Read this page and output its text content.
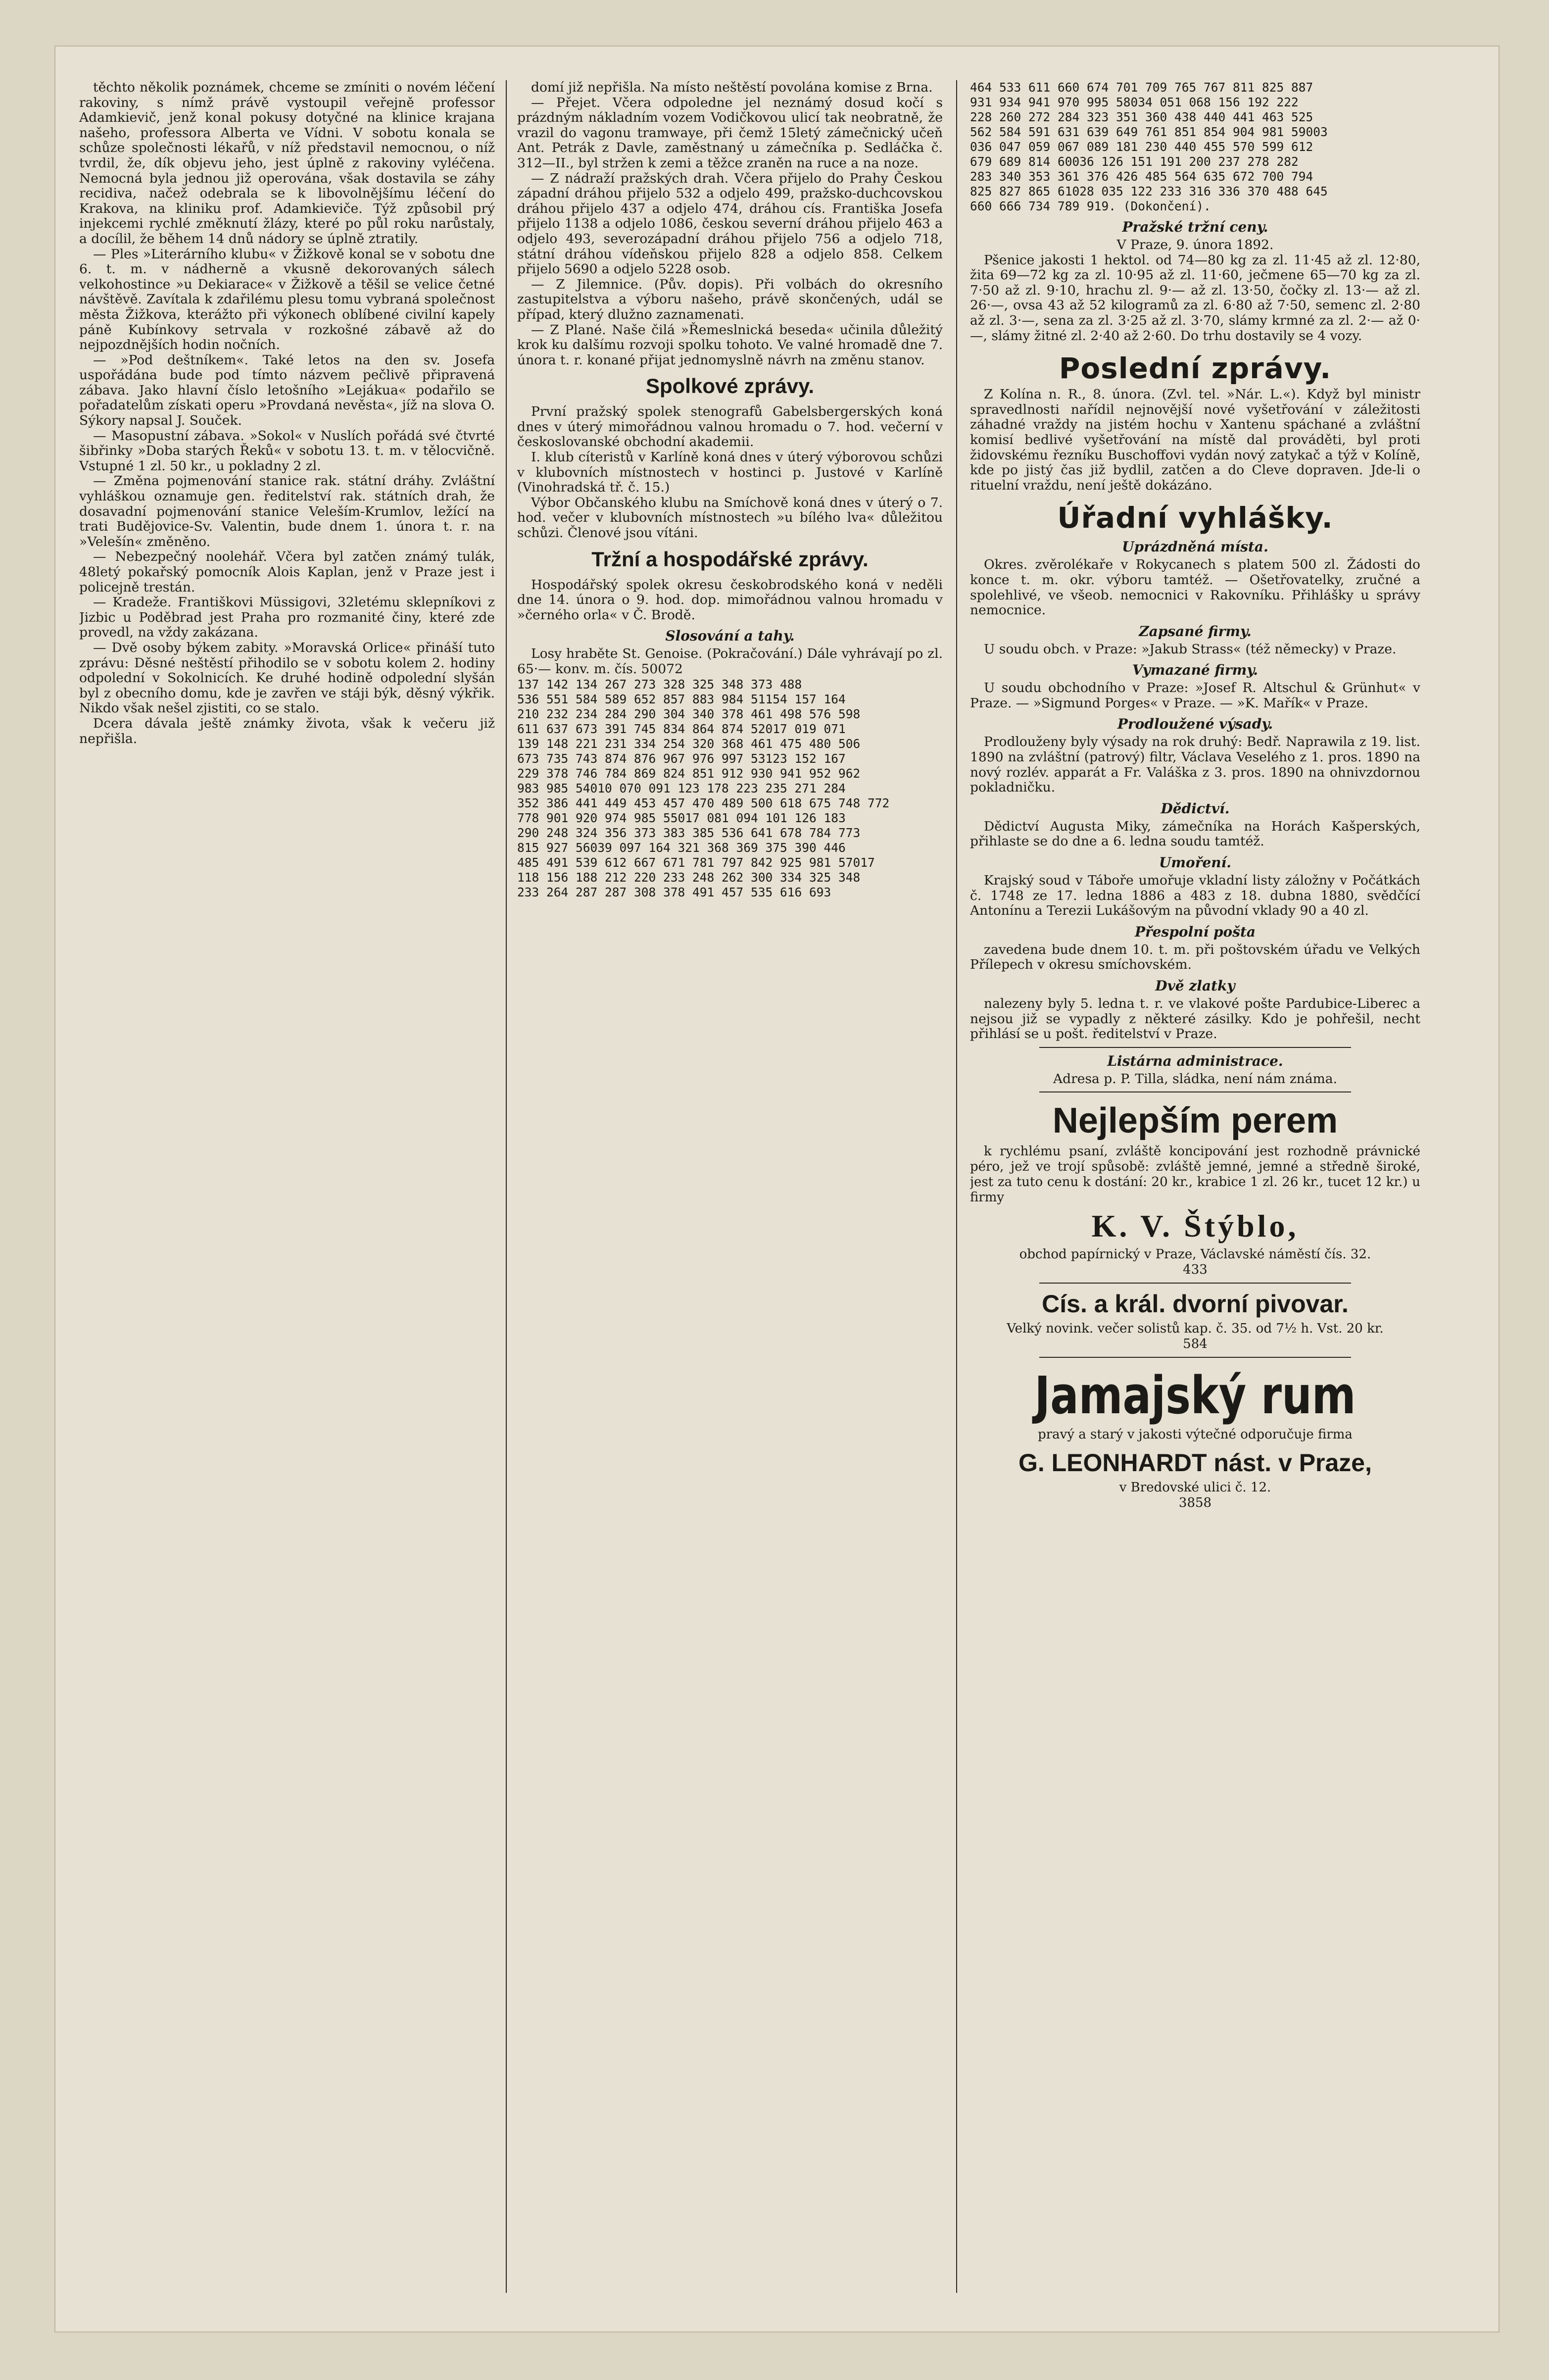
těchto několik poznámek, chceme se zmíniti o novém léčení rakoviny, s nímž právě vystoupil veřejně professor Adamkievič, jenž konal pokusy dotyčné na klinice krajana našeho, professora Alberta ve Vídni. V sobotu konala se schůze společnosti lékařů, v níž představil nemocnou, o níž tvrdil, že, dík objevu jeho, jest úplně z rakoviny vyléčena. Nemocná byla jednou již operována, však dostavila se záhy recidiva, načež odebrala se k libovolnějšímu léčení do Krakova, na kliniku prof. Adamkieviče. Týž způsobil prý injekcemi rychlé změknutí žlázy, které po půl roku narůstaly, a docílil, že během 14 dnů nádory se úplně ztratily.

— Ples »Literárního klubu« v Žižkově konal se v sobotu dne 6. t. m. v nádherně a vkusně dekorovaných sálech velkohostince »u Dekiarace« v Žižkově a těšil se velice četné návštěvě. Zavítala k zdařilému plesu tomu vybraná společnost města Žižkova, kterážto při výkonech oblíbené civilní kapely páně Kubínkovy setrvala v rozkošné zábavě až do nejpozdnějších hodin nočních.

— »Pod deštníkem«. Také letos na den sv. Josefa uspořádána bude pod tímto názvem pečlivě připravená zábava. Jako hlavní číslo letošního »Lejákua« podařilo se pořadatelům získati operu »Provdaná nevěsta«, jíž na slova O. Sýkory napsal J. Souček.

— Masopustní zábava. »Sokol« v Nuslích pořádá své čtvrté šibřinky »Doba starých Řeků« v sobotu 13. t. m. v tělocvičně. Vstupné 1 zl. 50 kr., u pokladny 2 zl.

— Změna pojmenování stanice rak. státní dráhy. Zvláštní vyhláškou oznamuje gen. ředitelství rak. státních drah, že dosavadní pojmenování stanice Veleším-Krumlov, ležící na trati Budějovice-Sv. Valentin, bude dnem 1. února t. r. na »Velešín« změněno.

— Nebezpečný noolehář. Včera byl zatčen známý tulák, 48letý pokařský pomocník Alois Kaplan, jenž v Praze jest i policejně trestán.

— Kradeže. Františkovi Müssigovi, 32letému sklepníkovi z Jizbic u Poděbrad jest Praha pro rozmanité činy, které zde provedl, na vždy zakázana.

— Dvě osoby býkem zabity. »Moravská Orlice« přináší tuto zprávu: Děsné neštěstí přihodilo se v sobotu kolem 2. hodiny odpolední v Sokolnicích. Ke druhé hodině odpolední slyšán byl z obecního domu, kde je zavřen ve stáji býk, děsný výkřik. Nikdo však nešel zjistiti, co se stalo.

Dcera dávala ještě známky života, však k večeru již nepřišla.

domí již nepřišla. Na místo neštěstí povolána komise z Brna.

— Přejet. Včera odpoledne jel neznámý dosud kočí s prázdným nákladním vozem Vodičkovou ulicí tak neobratně, že vrazil do vagonu tramwaye, při čemž 15letý zámečnický učeň Ant. Petrák z Davle, zaměstnaný u zámečníka p. Sedláčka č. 312—II., byl stržen k zemi a těžce zraněn na ruce a na noze.

— Z nádraží pražských drah. Včera přijelo do Prahy Českou západní dráhou přijelo 532 a odjelo 499, pražsko-duchcovskou dráhou přijelo 437 a odjelo 474, dráhou cís. Františka Josefa přijelo 1138 a odjelo 1086, českou severní dráhou přijelo 463 a odjelo 493, severozápadní dráhou přijelo 756 a odjelo 718, státní dráhou vídeňskou přijelo 828 a odjelo 858. Celkem přijelo 5690 a odjelo 5228 osob.

— Z Jilemnice. (Pův. dopis). Při volbách do okresního zastupitelstva a výboru našeho, právě skončených, udál se případ, který dlužno zaznamenati.

— Z Plané. Naše čilá »Řemeslnická beseda« učinila důležitý krok ku dalšímu rozvoji spolku tohoto. Ve valné hromadě dne 7. února t. r. konané přijat jednomyslně návrh na změnu stanov.

Spolkové zprávy.

První pražský spolek stenografů Gabelsbergerských koná dnes v úterý mimořádnou valnou hromadu o 7. hod. večerní v českoslovanské obchodní akademii.

I. klub cíteristů v Karlíně koná dnes v úterý výborovou schůzi v klubovních místnostech v hostinci p. Justové v Karlíně (Vinohradská tř. č. 15.)

Výbor Občanského klubu na Smíchově koná dnes v úterý o 7. hod. večer v klubovních místnostech »u bílého lva« důležitou schůzi. Členové jsou vítáni.

Tržní a hospodářské zprávy.

Hospodářský spolek okresu českobrodského koná v neděli dne 14. února o 9. hod. dop. mimořádnou valnou hromadu v »černého orla« v Č. Brodě.

Slosování a tahy.

Losy hraběte St. Genoise. (Pokračování.) Dále vyhrávají po zl. 65·— konv. m. čís. 50072

137 142 134 267 273 328 325 348 373 488
536 551 584 589 652 857 883 984 51154 157 164
210 232 234 284 290 304 340 378 461 498 576 598
611 637 673 391 745 834 864 874 52017 019 071
139 148 221 231 334 254 320 368 461 475 480 506
673 735 743 874 876 967 976 997 53123 152 167
229 378 746 784 869 824 851 912 930 941 952 962
983 985 54010 070 091 123 178 223 235 271 284
352 386 441 449 453 457 470 489 500 618 675 748 772
778 901 920 974 985 55017 081 094 101 126 183
290 248 324 356 373 383 385 536 641 678 784 773
815 927 56039 097 164 321 368 369 375 390 446
485 491 539 612 667 671 781 797 842 925 981 57017
118 156 188 212 220 233 248 262 300 334 325 348
233 264 287 287 308 378 491 457 535 616 693
464 533 611 660 674 701 709 765 767 811 825 887
931 934 941 970 995 58034 051 068 156 192 222
228 260 272 284 323 351 360 438 440 441 463 525
562 584 591 631 639 649 761 851 854 904 981 59003
036 047 059 067 089 181 230 440 455 570 599 612
679 689 814 60036 126 151 191 200 237 278 282
283 340 353 361 376 426 485 564 635 672 700 794
825 827 865 61028 035 122 233 316 336 370 488 645
660 666 734 789 919. (Dokončení).
Pražské tržní ceny.

V Praze, 9. února 1892.

Pšenice jakosti 1 hektol. od 74—80 kg za zl. 11·45 až zl. 12·80, žita 69—72 kg za zl. 10·95 až zl. 11·60, ječmene 65—70 kg za zl. 7·50 až zl. 9·10, hrachu zl. 9·— až zl. 13·50, čočky zl. 13·— až zl. 26·—, ovsa 43 až 52 kilogramů za zl. 6·80 až 7·50, semenc zl. 2·80 až zl. 3·—, sena za zl. 3·25 až zl. 3·70, slámy krmné za zl. 2·— až 0·—, slámy žitné zl. 2·40 až 2·60. Do trhu dostavily se 4 vozy.

Poslední zprávy.

Z Kolína n. R., 8. února. (Zvl. tel. »Nár. L.«). Když byl ministr spravedlnosti nařídil nejnovější nové vyšetřování v záležitosti záhadné vraždy na jistém hochu v Xantenu spáchané a zvláštní komisí bedlivé vyšetřování na místě dal prováděti, byl proti židovskému řezníku Buschoffovi vydán nový zatykač a týž v Kolíně, kde po jistý čas již bydlil, zatčen a do Cleve dopraven. Jde-li o rituelní vraždu, není ještě dokázáno.

Úřadní vyhlášky.
Uprázdněná místa.

Okres. zvěrolékaře v Rokycanech s platem 500 zl. Žádosti do konce t. m. okr. výboru tamtéž. — Ošetřovatelky, zručné a spolehlivé, ve všeob. nemocnici v Rakovníku. Přihlášky u správy nemocnice.

Zapsané firmy.

U soudu obch. v Praze: »Jakub Strass« (též německy) v Praze.

Vymazané firmy.

U soudu obchodního v Praze: »Josef R. Altschul & Grünhut« v Praze. — »Sigmund Porges« v Praze. — »K. Mařík« v Praze.

Prodloužené výsady.

Prodlouženy byly výsady na rok druhý: Bedř. Naprawila z 19. list. 1890 na zvláštní (patrový) filtr, Václava Veselého z 1. pros. 1890 na nový rozlév. apparát a Fr. Valáška z 3. pros. 1890 na ohnivzdornou pokladničku.

Dědictví.

Dědictví Augusta Miky, zámečníka na Horách Kašperských, přihlaste se do dne a 6. ledna soudu tamtéž.

Umoření.

Krajský soud v Táboře umořuje vkladní listy záložny v Počátkách č. 1748 ze 17. ledna 1886 a 483 z 18. dubna 1880, svědčící Antonínu a Terezii Lukášovým na původní vklady 90 a 40 zl.

Přespolní pošta

zavedena bude dnem 10. t. m. při poštovském úřadu ve Velkých Přílepech v okresu smíchovském.

Dvě zlatky

nalezeny byly 5. ledna t. r. ve vlakové pošte Pardubice-Liberec a nejsou již se vypadly z některé zásilky. Kdo je pohřešil, necht přihlásí se u pošt. ředitelství v Praze.

Listárna administrace.

Adresa p. P. Tilla, sládka, není nám známa.

Nejlepším perem

k rychlému psaní, zvláště koncipování jest rozhodně právnické péro, jež ve trojí spůsobě: zvláště jemné, jemné a středně široké, jest za tuto cenu k dostání: 20 kr., krabice 1 zl. 26 kr., tucet 12 kr.) u firmy

K. V. Štýblo,

obchod papírnický v Praze, Václavské náměstí čís. 32.

433

Cís. a král. dvorní pivovar.

Velký novink. večer solistů kap. č. 35. od 7½ h. Vst. 20 kr.

584

Jamajský rum

pravý a starý v jakosti výtečné odporučuje firma

G. LEONHARDT nást. v Praze,

v Bredovské ulici č. 12.

3858
